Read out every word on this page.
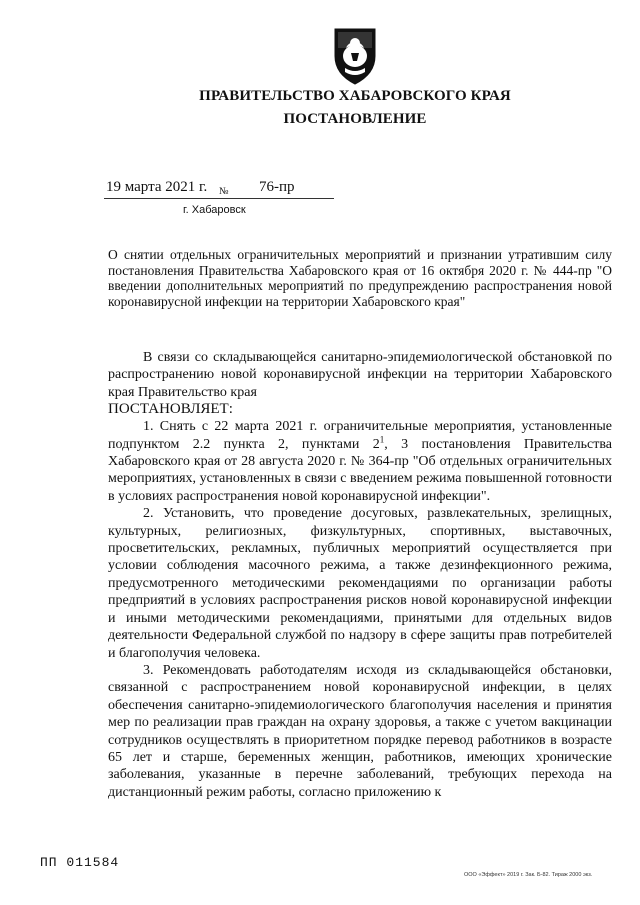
ПРАВИТЕЛЬСТВО ХАБАРОВСКОГО КРАЯ
ПОСТАНОВЛЕНИЕ
19 марта 2021 г. № 76-пр
г. Хабаровск
О снятии отдельных ограничительных мероприятий и признании утратившим силу постановления Правительства Хабаровского края от 16 октября 2020 г. № 444-пр "О введении дополнительных мероприятий по предупреждению распространения новой коронавирусной инфекции на территории Хабаровского края"

В связи со складывающейся санитарно-эпидемиологической обстановкой по распространению новой коронавирусной инфекции на территории Хабаровского края Правительство края

ПОСТАНОВЛЯЕТ:

1. Снять с 22 марта 2021 г. ограничительные мероприятия, установленные подпунктом 2.2 пункта 2, пунктами $2^1$, 3 постановления Правительства Хабаровского края от 28 августа 2020 г. № 364-пр "Об отдельных ограничительных мероприятиях, установленных в связи с введением режима повышенной готовности в условиях распространения новой коронавирусной инфекции".

2. Установить, что проведение досуговых, развлекательных, зрелищных, культурных, религиозных, физкультурных, спортивных, выставочных, просветительских, рекламных, публичных мероприятий осуществляется при условии соблюдения масочного режима, а также дезинфекционного режима, предусмотренного методическими рекомендациями по организации работы предприятий в условиях распространения рисков новой коронавирусной инфекции и иными методическими рекомендациями, принятыми для отдельных видов деятельности Федеральной службой по надзору в сфере защиты прав потребителей и благополучия человека.

3. Рекомендовать работодателям исходя из складывающейся обстановки, связанной с распространением новой коронавирусной инфекции, в целях обеспечения санитарно-эпидемиологического благополучия населения и принятия мер по реализации прав граждан на охрану здоровья, а также с учетом вакцинации сотрудников осуществлять в приоритетном порядке перевод работников в возрасте 65 лет и старше, беременных женщин, работников, имеющих хронические заболевания, указанные в перечне заболеваний, требующих перехода на дистанционный режим работы, согласно приложению к

ПП 011584
ООО «Эффект» 2019 г. Зак. Б-82. Тираж 2000 экз.
